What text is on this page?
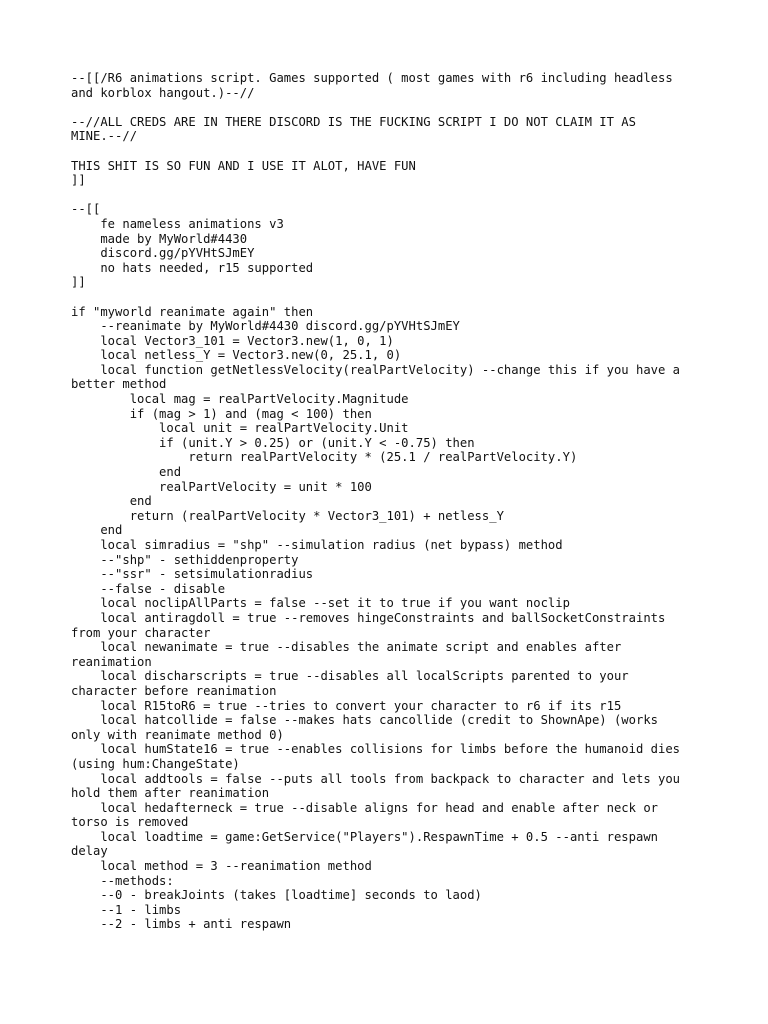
--[[/R6 animations script. Games supported ( most games with r6 including headless
and korblox hangout.)--//
--//ALL CREDS ARE IN THERE DISCORD IS THE FUCKING SCRIPT I DO NOT CLAIM IT AS
MINE.--//
THIS SHIT IS SO FUN AND I USE IT ALOT, HAVE FUN
]]
--[[
fe nameless animations v3
made by MyWorld#4430
discord.gg/pYVHtSJmEY
no hats needed, r15 supported
]]
if "myworld reanimate again" then
--reanimate by MyWorld#4430 discord.gg/pYVHtSJmEY
local Vector3_101 = Vector3.new(1, 0, 1)
local netless_Y = Vector3.new(0, 25.1, 0)
local function getNetlessVelocity(realPartVelocity) --change this if you have a
better method
local mag = realPartVelocity.Magnitude
if (mag > 1) and (mag < 100) then
local unit = realPartVelocity.Unit
if (unit.Y > 0.25) or (unit.Y < -0.75) then
return realPartVelocity * (25.1 / realPartVelocity.Y)
end
realPartVelocity = unit * 100
end
return (realPartVelocity * Vector3_101) + netless_Y
end
local simradius = "shp" --simulation radius (net bypass) method
--"shp" - sethiddenproperty
--"ssr" - setsimulationradius
--false - disable
local noclipAllParts = false --set it to true if you want noclip
local antiragdoll = true --removes hingeConstraints and ballSocketConstraints
from your character
local newanimate = true --disables the animate script and enables after
reanimation
local discharscripts = true --disables all localScripts parented to your
character before reanimation
local R15toR6 = true --tries to convert your character to r6 if its r15
local hatcollide = false --makes hats cancollide (credit to ShownApe) (works
only with reanimate method 0)
local humState16 = true --enables collisions for limbs before the humanoid dies
(using hum:ChangeState)
local addtools = false --puts all tools from backpack to character and lets you
hold them after reanimation
local hedafterneck = true --disable aligns for head and enable after neck or
torso is removed
local loadtime = game:GetService("Players").RespawnTime + 0.5 --anti respawn
delay
local method = 3 --reanimation method
--methods:
--0 - breakJoints (takes [loadtime] seconds to laod)
--1 - limbs
--2 - limbs + anti respawn
